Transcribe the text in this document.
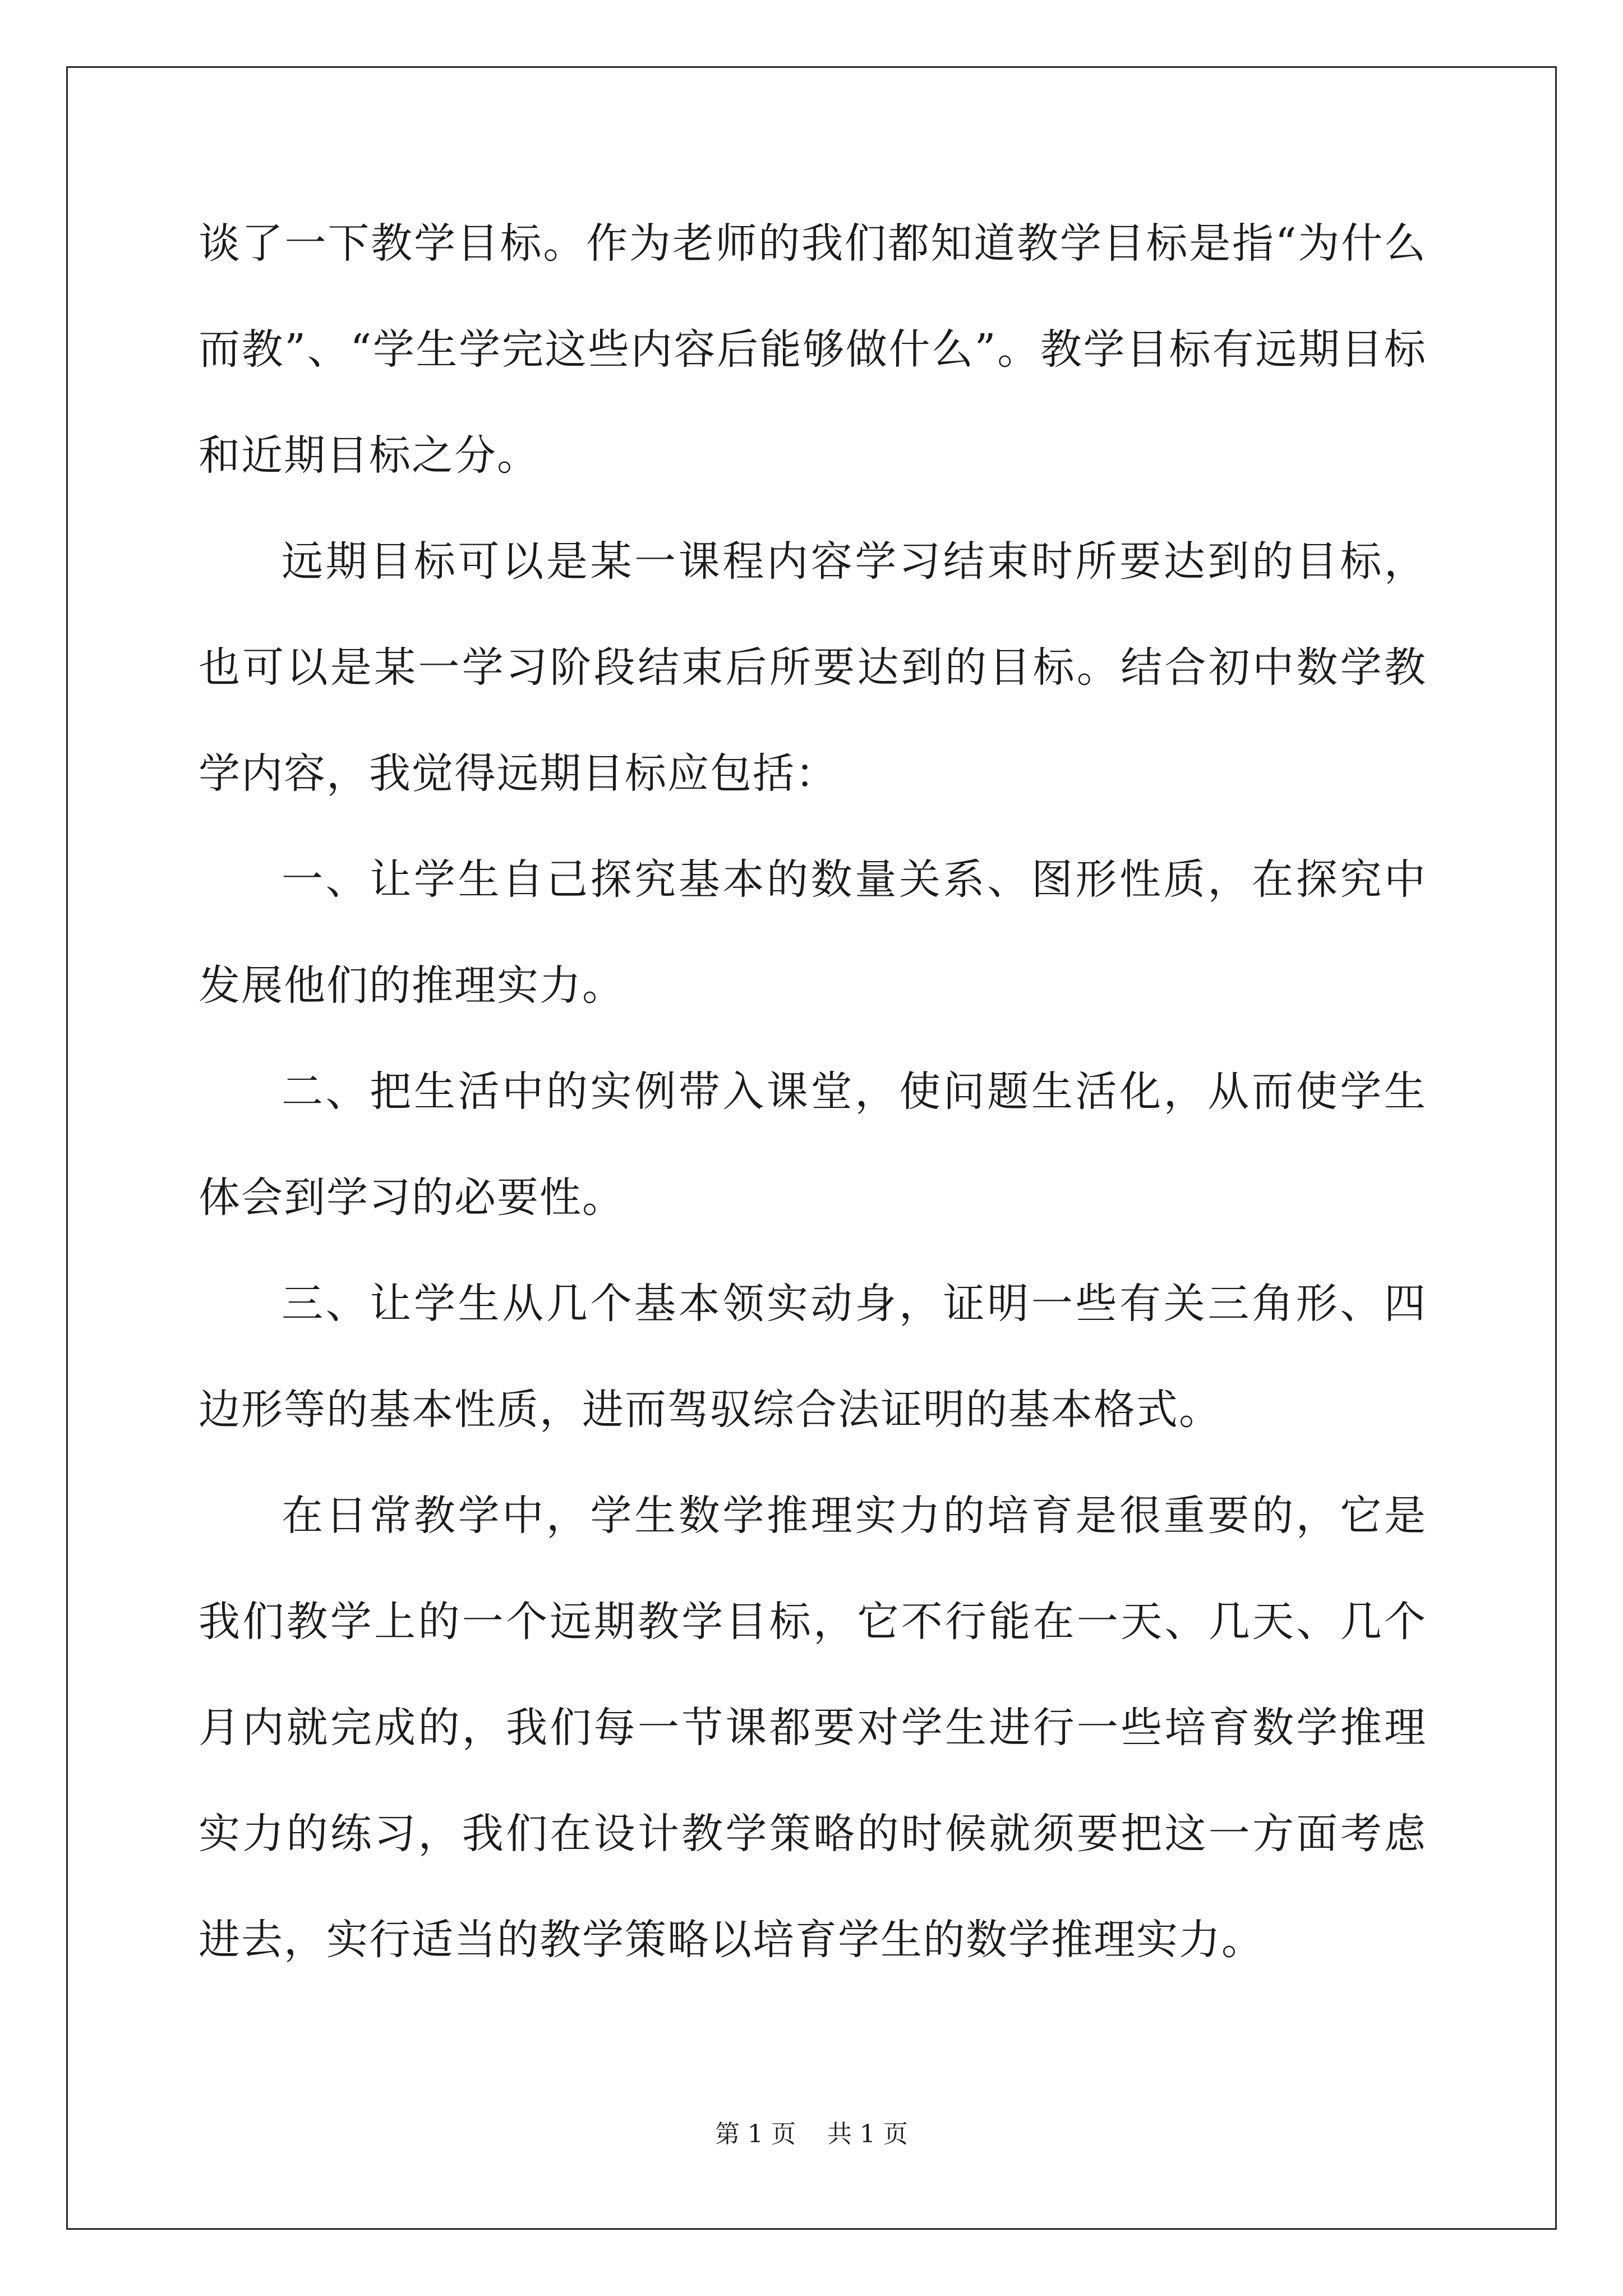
谈了一下教学目标。作为老师的我们都知道教学目标是指“为什么而教”、“学生学完这些内容后能够做什么”。教学目标有远期目标和近期目标之分。

远期目标可以是某一课程内容学习结束时所要达到的目标，也可以是某一学习阶段结束后所要达到的目标。结合初中数学教学内容，我觉得远期目标应包括：

一、让学生自己探究基本的数量关系、图形性质，在探究中发展他们的推理实力。

二、把生活中的实例带入课堂，使问题生活化，从而使学生体会到学习的必要性。

三、让学生从几个基本领实动身，证明一些有关三角形、四边形等的基本性质，进而驾驭综合法证明的基本格式。

在日常教学中，学生数学推理实力的培育是很重要的，它是我们教学上的一个远期教学目标，它不行能在一天、几天、几个月内就完成的，我们每一节课都要对学生进行一些培育数学推理实力的练习，我们在设计教学策略的时候就须要把这一方面考虑进去，实行适当的教学策略以培育学生的数学推理实力。

第 1 页    共 1 页
